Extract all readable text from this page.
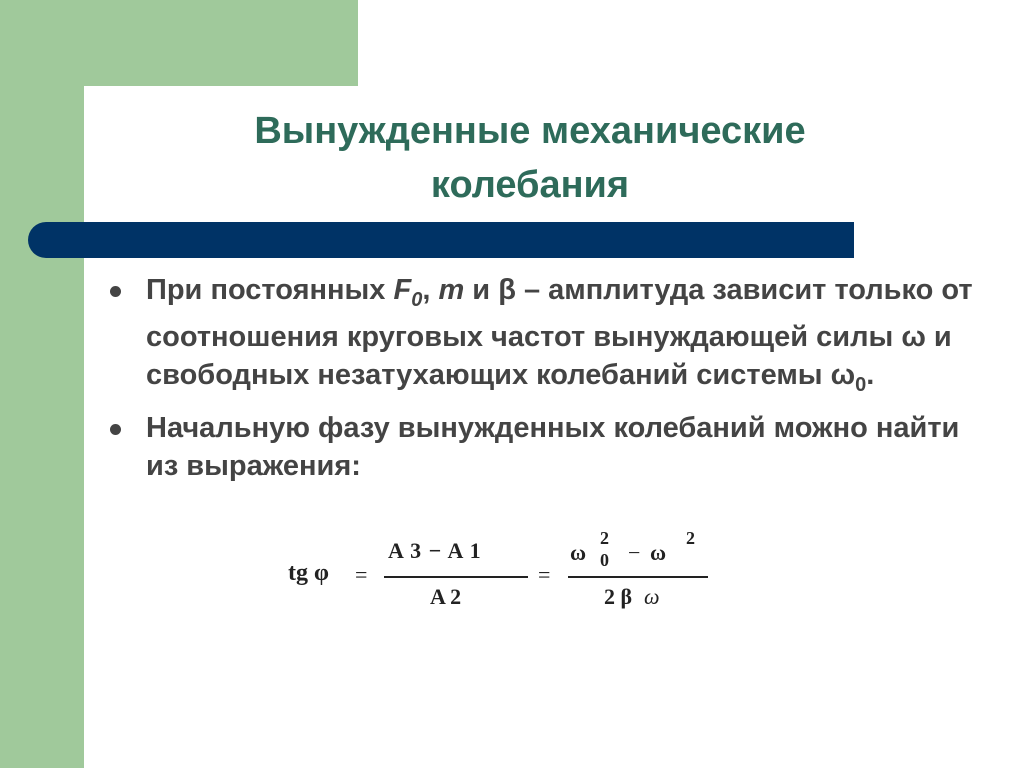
Вынужденные механические
колебания
При постоянных $F_0$, m и β – амплитуда зависит только от соотношения круговых частот вынуждающей силы ω и свободных незатухающих колебаний системы $\omega_0$.
Начальную фазу вынужденных колебаний можно найти из выражения:
tg φ =
A 3 − A 1
A 2
=
ω
2
0 − ω
2
2 β ω
